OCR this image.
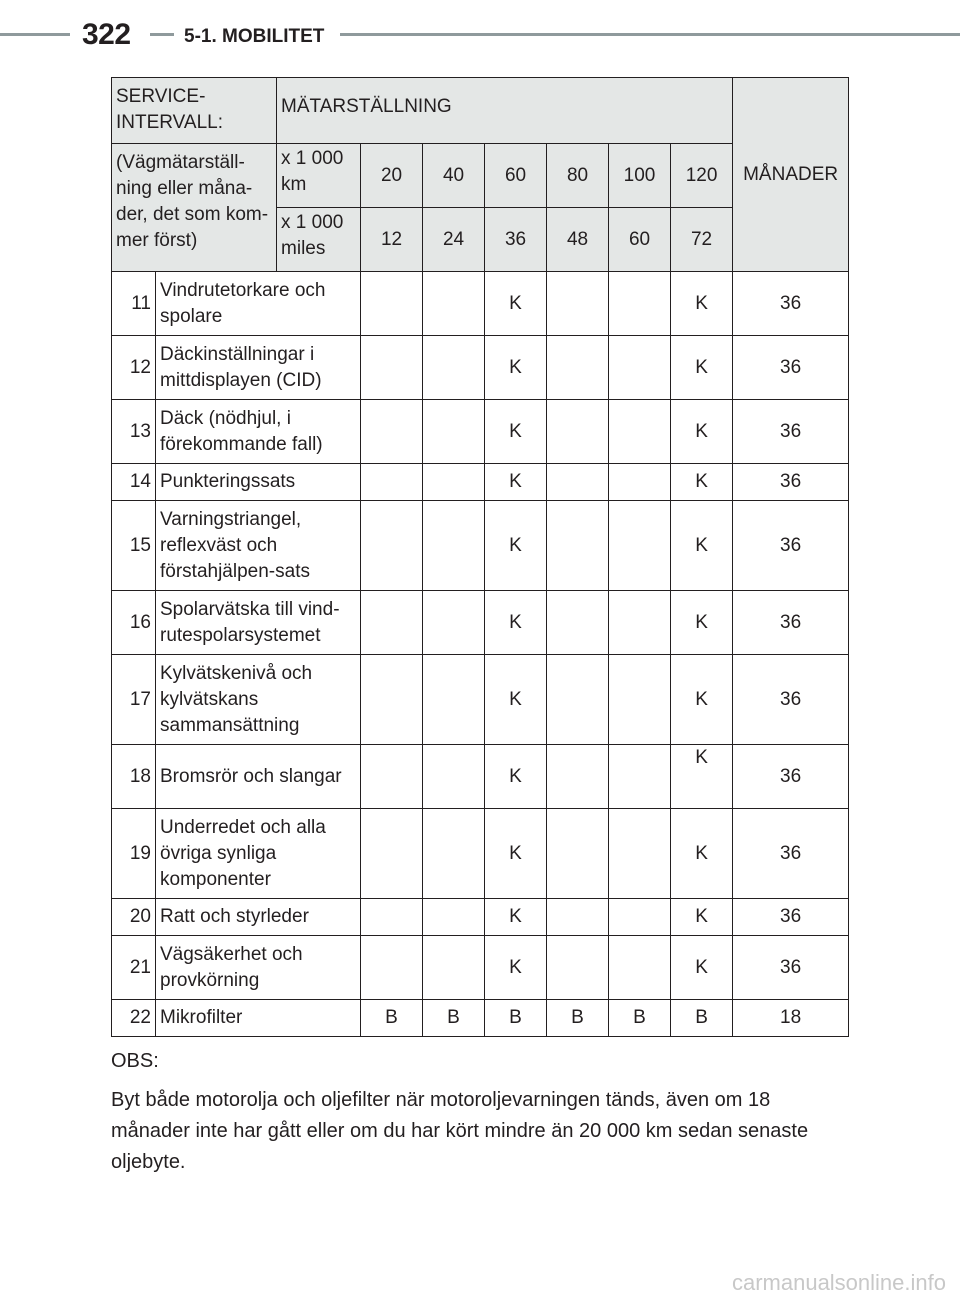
322	5-1. MOBILITET
SERVICE-
INTERVALL:		MÄTARSTÄLLNING							MÅNADER
(Vägmätarställ-
ning eller måna-
der, det som kom-
mer först)		x 1 000
km	20	40	60	80	100	120	
		x 1 000
miles	12	24	36	48	60	72	
11	Vindrutetorkare och
spolare				K			K	36
12	Däckinställningar i
mittdisplayen (CID)				K			K	36
13	Däck (nödhjul, i
förekommande fall)				K			K	36
14	Punkteringssats				K			K	36
15	Varningstriangel,
reflexväst och
förstahjälpen-sats				K			K	36
16	Spolarvätska till vind-
rutespolarsystemet				K			K	36
17	Kylvätskenivå och
kylvätskans
sammansättning				K			K	36
18	Bromsrör och slangar				K			K	36
19	Underredet och alla
övriga synliga
komponenter				K			K	36
20	Ratt och styrleder				K			K	36
21	Vägsäkerhet och
provkörning				K			K	36
22	Mikrofilter		B	B	B	B	B	B	18

OBS:

Byt både motorolja och oljefilter när motoroljevarningen tänds, även om 18 månader inte har gått eller om du har kört mindre än 20 000 km sedan senaste oljebyte.

carmanualsonline.info
